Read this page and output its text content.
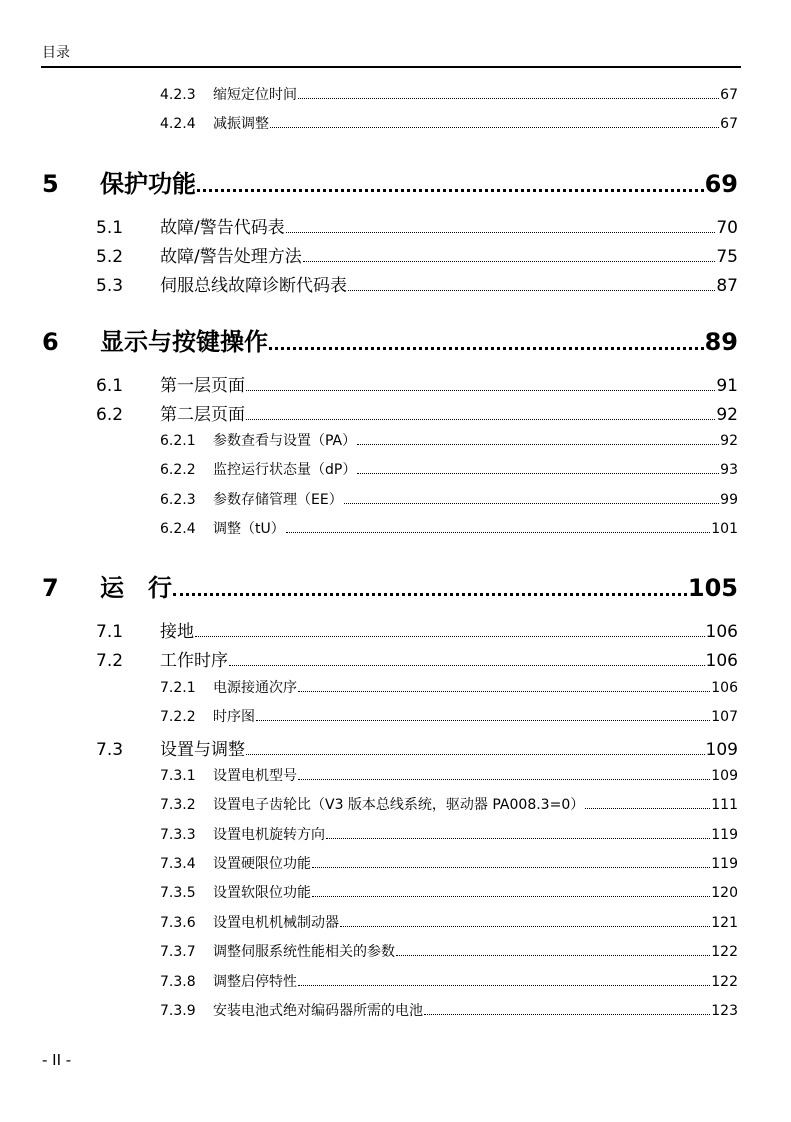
目录
4.2.3	缩短定位时间	67
4.2.4	减振调整	67
5	保护功能	69
5.1	故障/警告代码表	70
5.2	故障/警告处理方法	75
5.3	伺服总线故障诊断代码表	87
6	显示与按键操作	89
6.1	第一层页面	91
6.2	第二层页面	92
6.2.1	参数查看与设置（PA）	92
6.2.2	监控运行状态量（dP）	93
6.2.3	参数存储管理（EE）	99
6.2.4	调整（tU）	101
7	运　行	105
7.1	接地	106
7.2	工作时序	106
7.2.1	电源接通次序	106
7.2.2	时序图	107
7.3	设置与调整	109
7.3.1	设置电机型号	109
7.3.2	设置电子齿轮比（V3 版本总线系统，驱动器 PA008.3=0）	111
7.3.3	设置电机旋转方向	119
7.3.4	设置硬限位功能	119
7.3.5	设置软限位功能	120
7.3.6	设置电机机械制动器	121
7.3.7	调整伺服系统性能相关的参数	122
7.3.8	调整启停特性	122
7.3.9	安装电池式绝对编码器所需的电池	123
- II -
